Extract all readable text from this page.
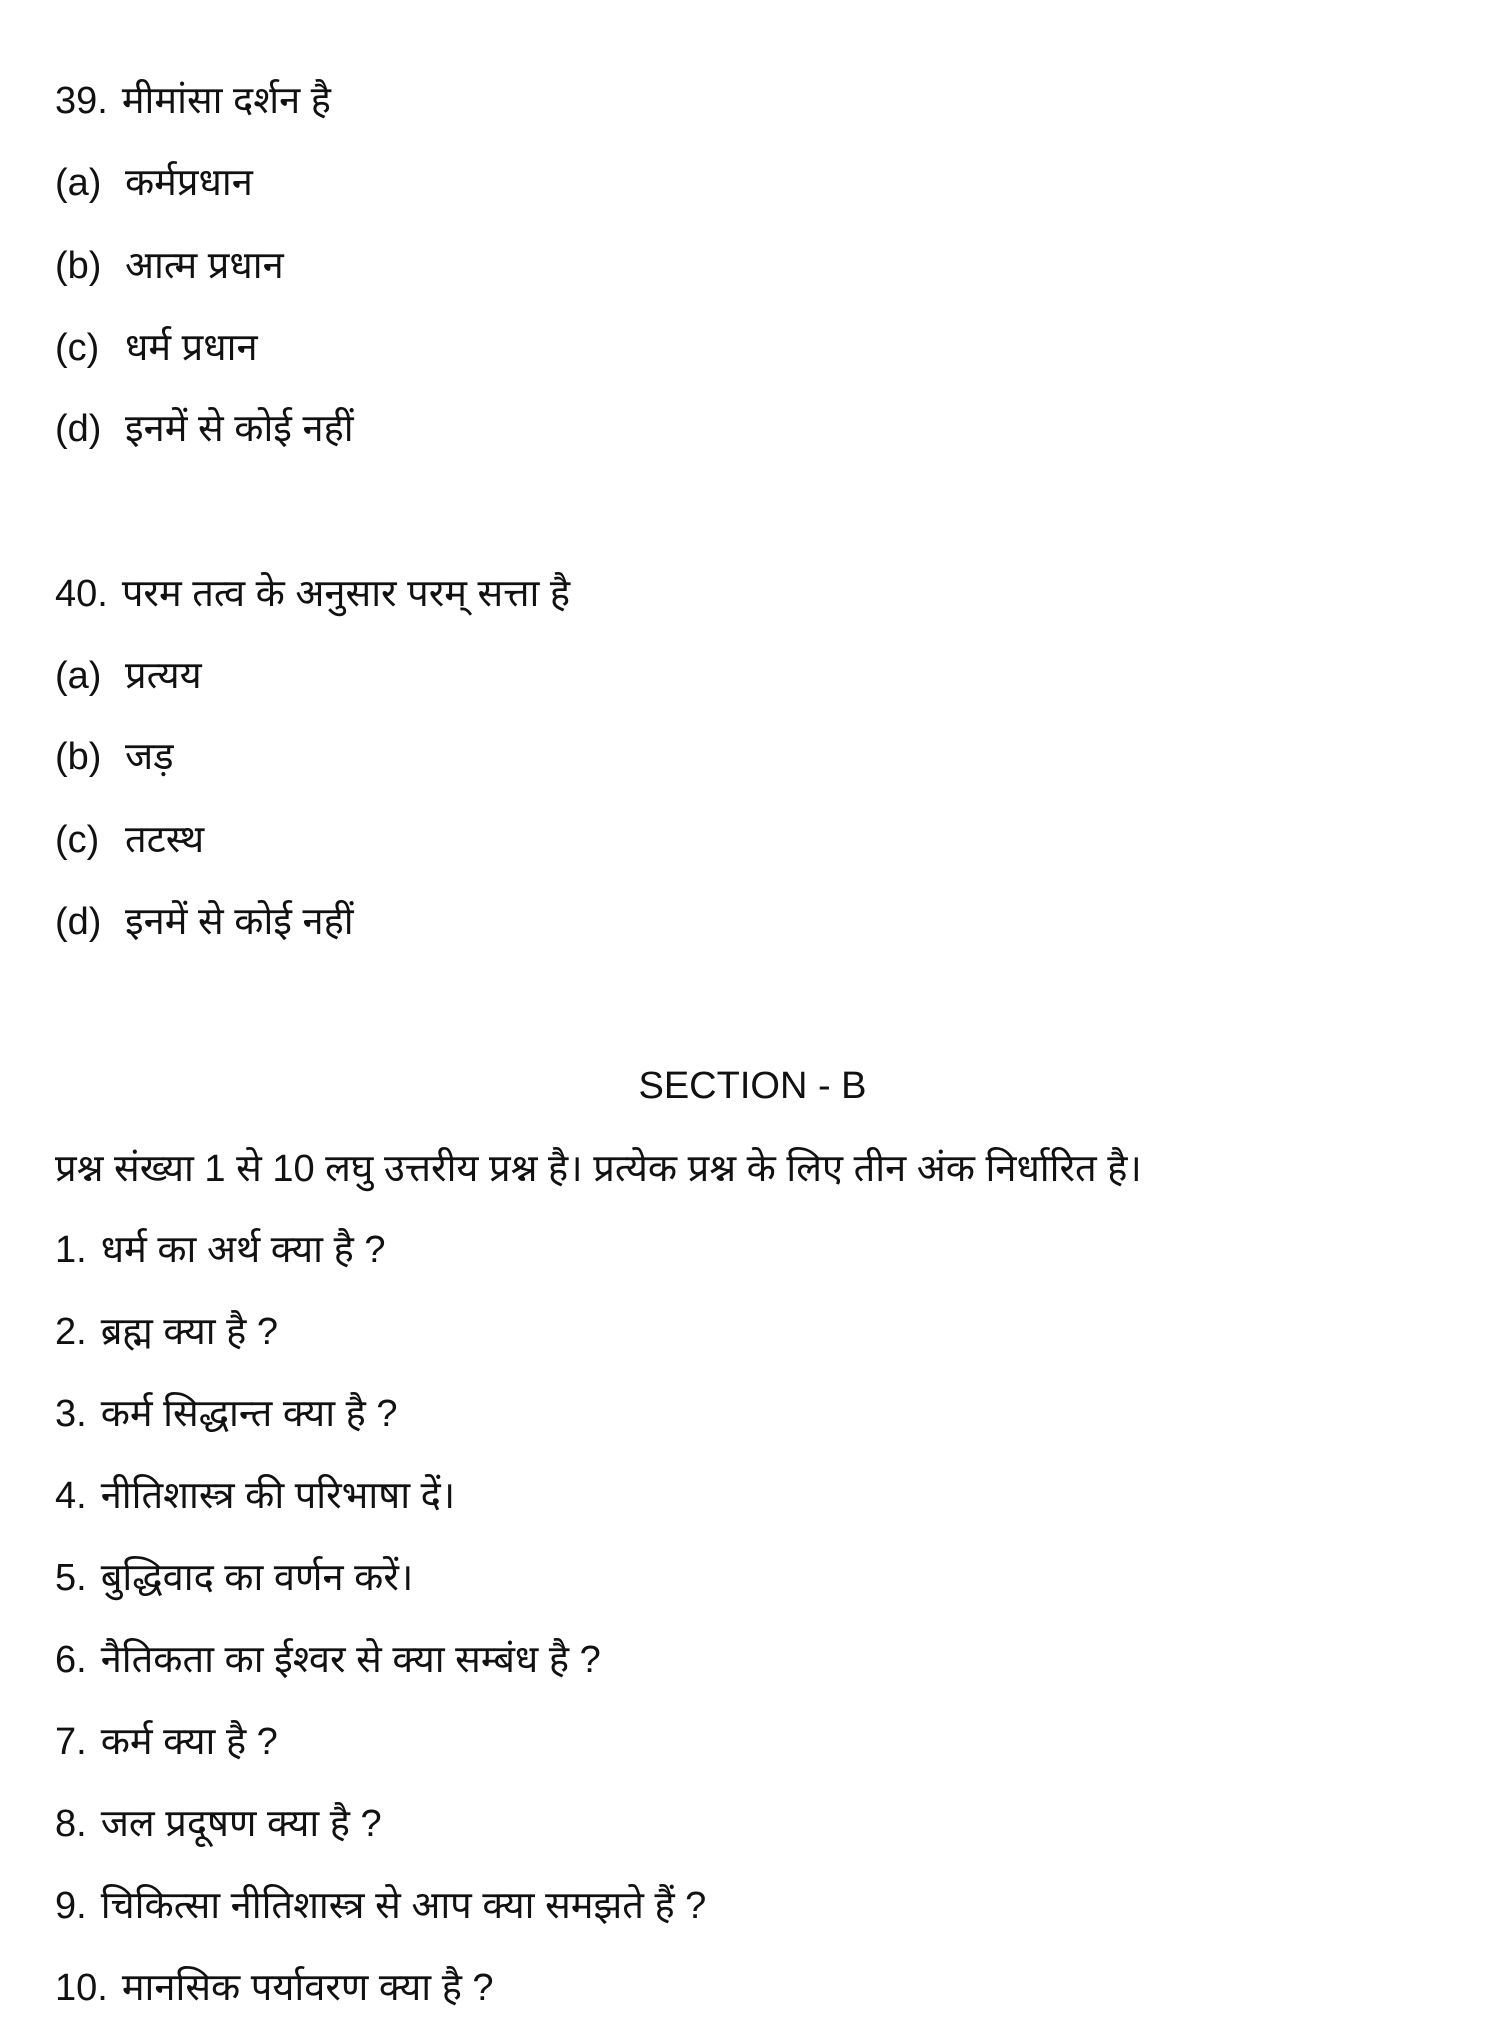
39. मीमांसा दर्शन है
(a) कर्मप्रधान
(b) आत्म प्रधान
(c) धर्म प्रधान
(d) इनमें से कोई नहीं
40. परम तत्व के अनुसार परम् सत्ता है
(a) प्रत्यय
(b) जड़
(c) तटस्थ
(d) इनमें से कोई नहीं
SECTION - B
प्रश्न संख्या 1 से 10 लघु उत्तरीय प्रश्न है। प्रत्येक प्रश्न के लिए तीन अंक निर्धारित है।
1. धर्म का अर्थ क्या है ?
2. ब्रह्म क्या है ?
3. कर्म सिद्धान्त क्या है ?
4. नीतिशास्त्र की परिभाषा दें।
5. बुद्धिवाद का वर्णन करें।
6. नैतिकता का ईश्वर से क्या सम्बंध है ?
7. कर्म क्या है ?
8. जल प्रदूषण क्या है ?
9. चिकित्सा नीतिशास्त्र से आप क्या समझते हैं ?
10. मानसिक पर्यावरण क्या है ?
